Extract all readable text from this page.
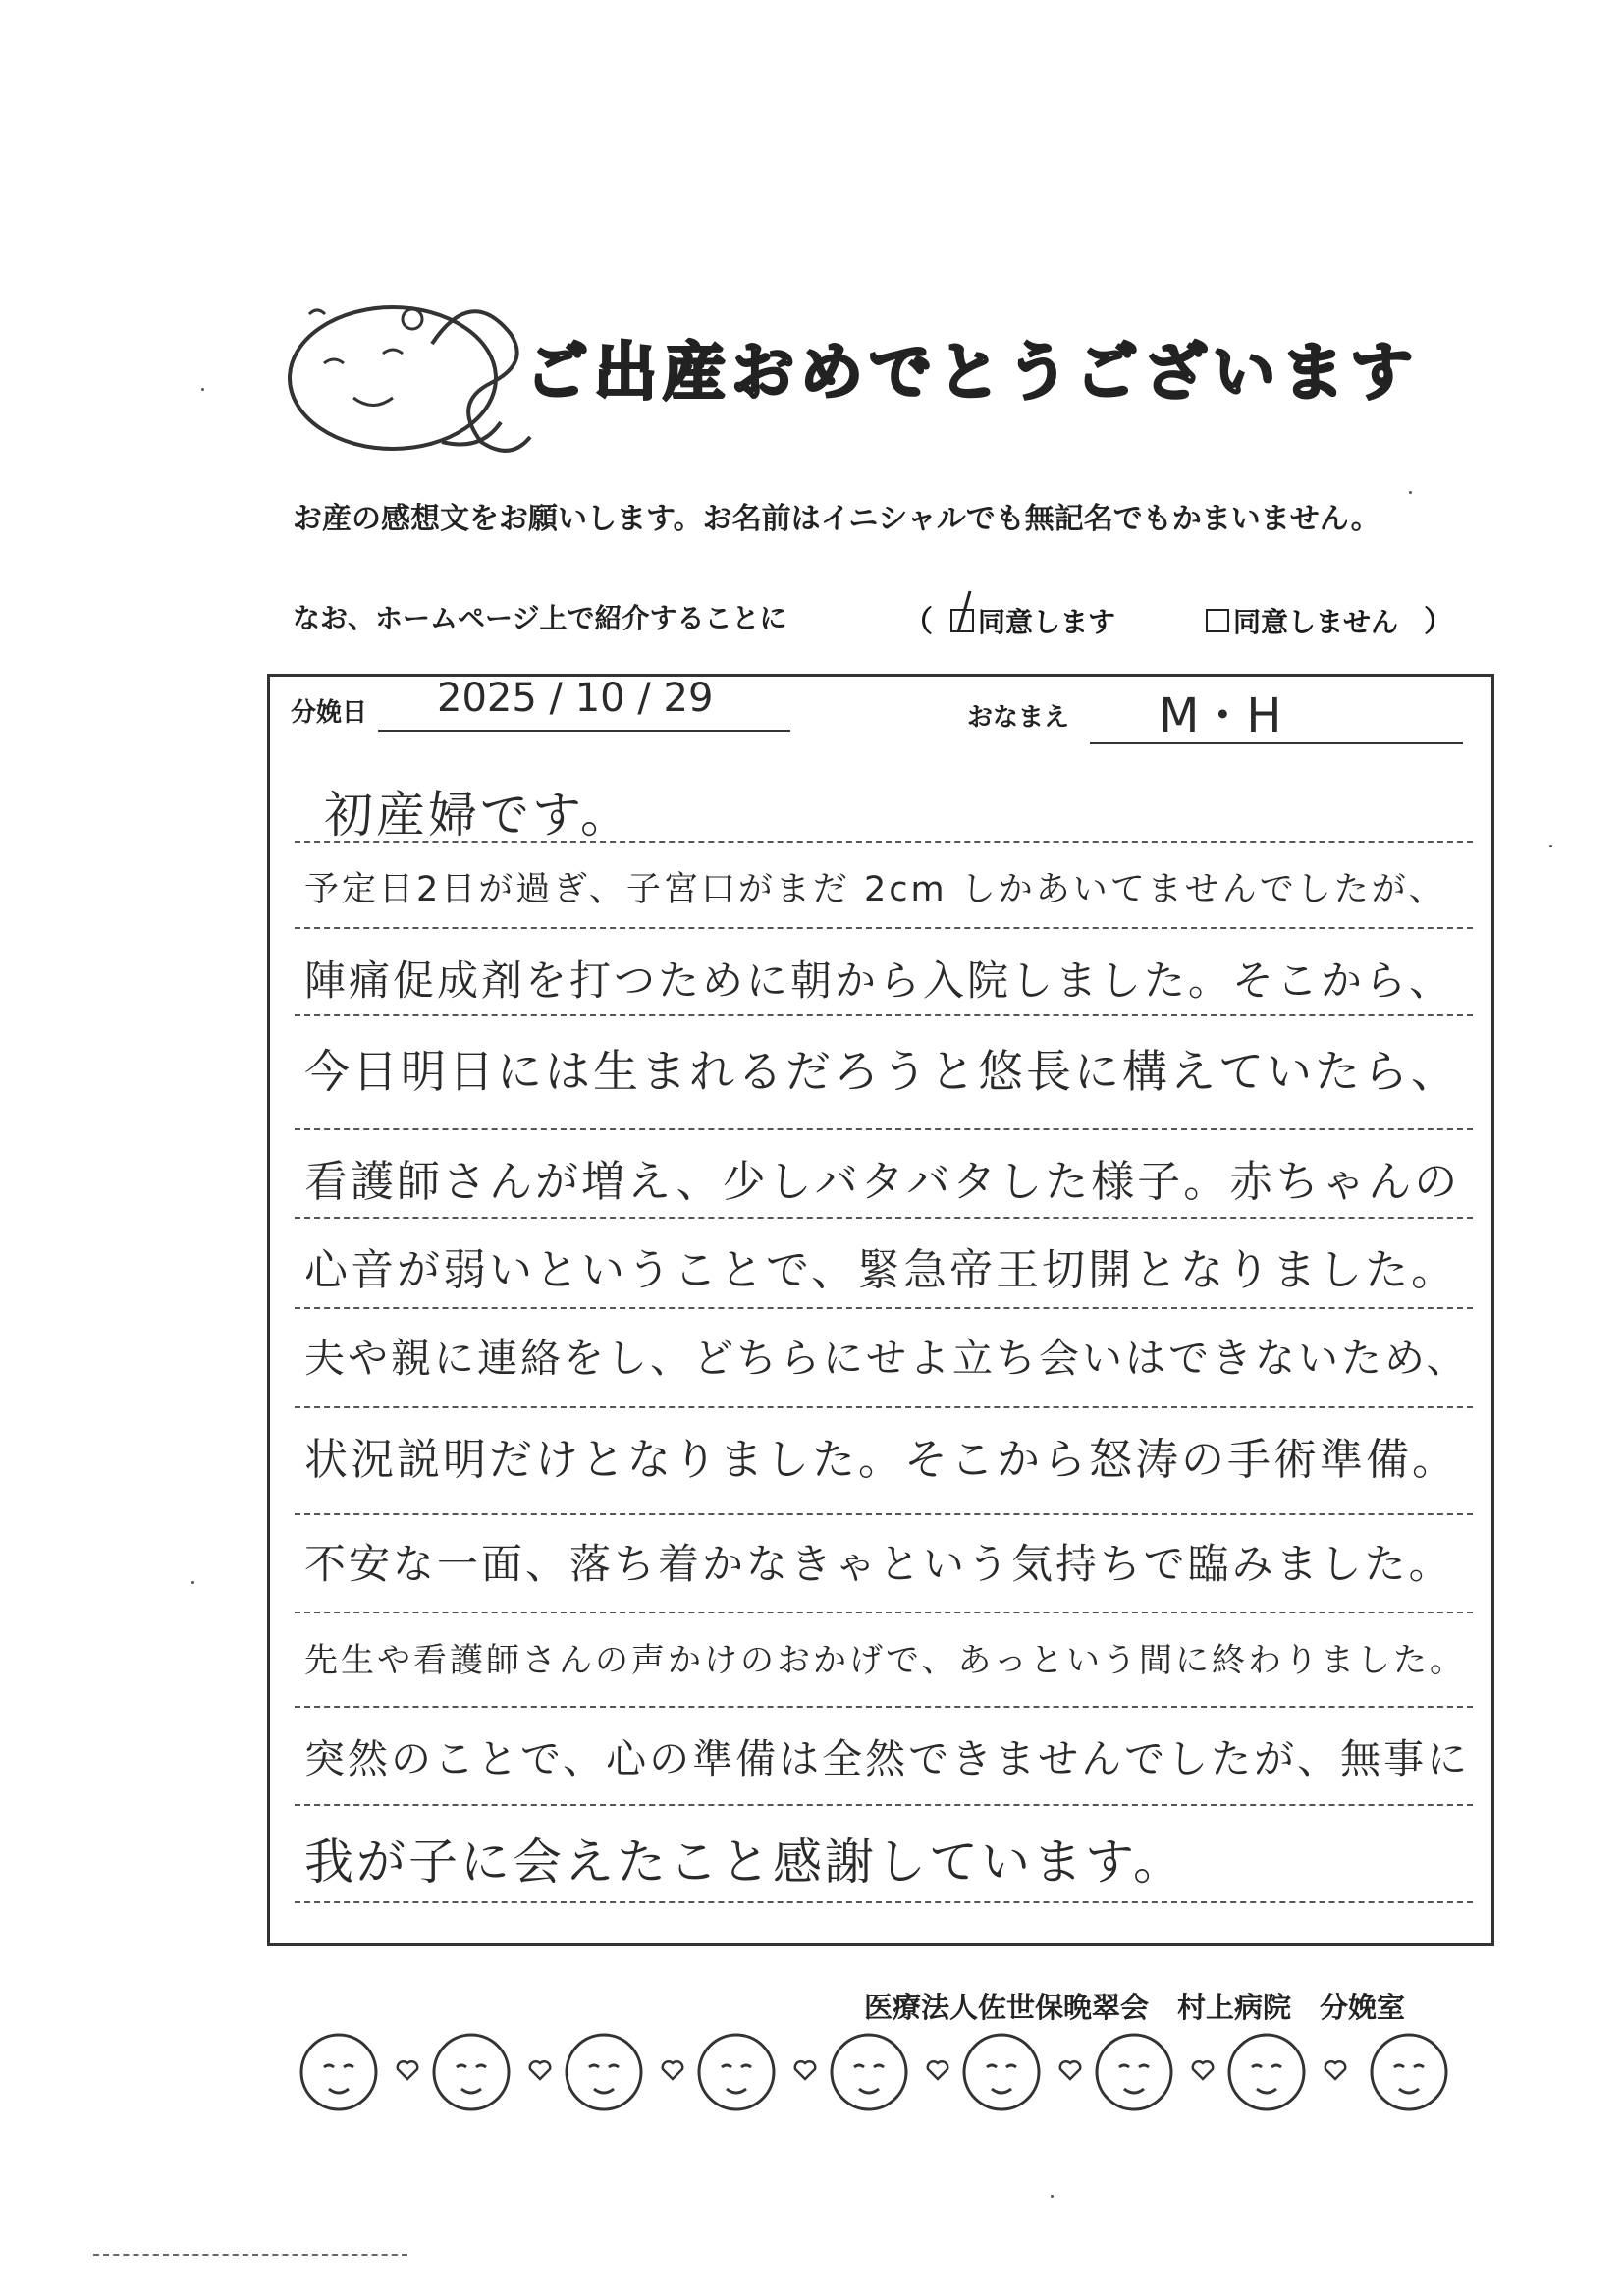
ご出産おめでとうございます
お産の感想文をお願いします。お名前はイニシャルでも無記名でもかまいません。
なお、ホームページ上で紹介することに	（ 同意します	同意しません ）
分娩日 2025 / 10 / 29	おなまえ M・H
初産婦です。
予定日2日が過ぎ、子宮口がまだ 2cm しかあいてませんでしたが、
陣痛促成剤を打つために朝から入院しました。そこから、
今日明日には生まれるだろうと悠長に構えていたら、
看護師さんが増え、少しバタバタした様子。赤ちゃんの
心音が弱いということで、緊急帝王切開となりました。
夫や親に連絡をし、どちらにせよ立ち会いはできないため、
状況説明だけとなりました。そこから怒涛の手術準備。
不安な一面、落ち着かなきゃという気持ちで臨みました。
先生や看護師さんの声かけのおかげで、あっという間に終わりました。
突然のことで、心の準備は全然できませんでしたが、無事に
我が子に会えたこと感謝しています。
医療法人佐世保晩翠会　村上病院　分娩室
